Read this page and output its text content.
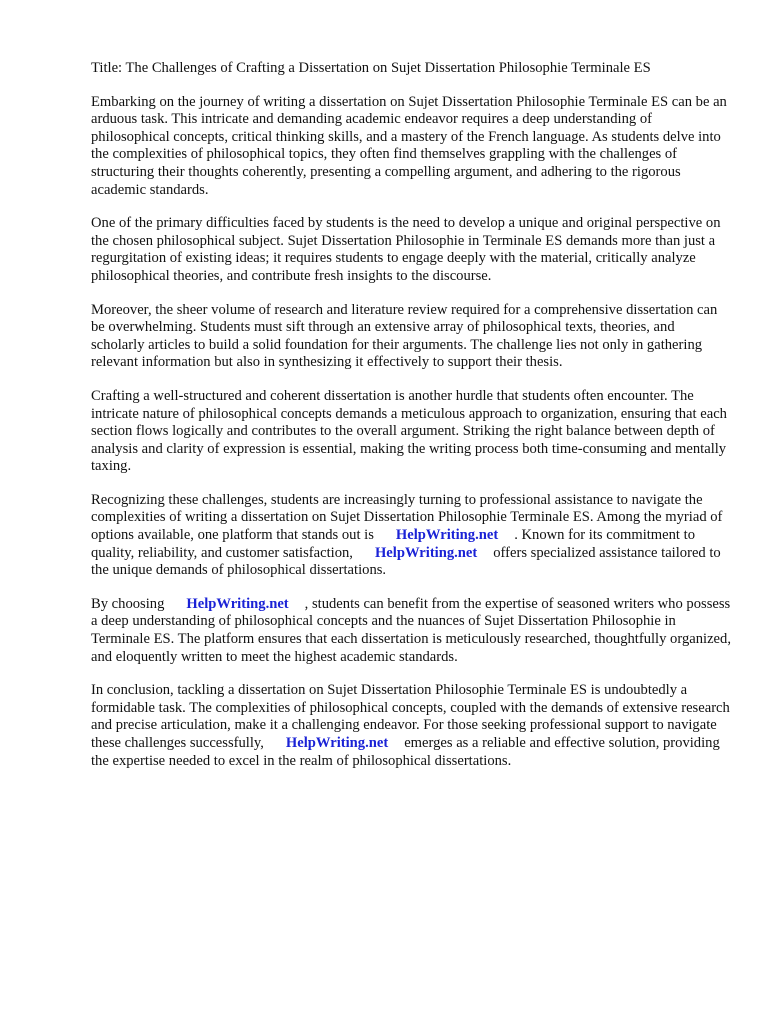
Title: The Challenges of Crafting a Dissertation on Sujet Dissertation Philosophie Terminale ES

Embarking on the journey of writing a dissertation on Sujet Dissertation Philosophie Terminale ES can be an arduous task. This intricate and demanding academic endeavor requires a deep understanding of philosophical concepts, critical thinking skills, and a mastery of the French language. As students delve into the complexities of philosophical topics, they often find themselves grappling with the challenges of structuring their thoughts coherently, presenting a compelling argument, and adhering to the rigorous academic standards.

One of the primary difficulties faced by students is the need to develop a unique and original perspective on the chosen philosophical subject. Sujet Dissertation Philosophie in Terminale ES demands more than just a regurgitation of existing ideas; it requires students to engage deeply with the material, critically analyze philosophical theories, and contribute fresh insights to the discourse.

Moreover, the sheer volume of research and literature review required for a comprehensive dissertation can be overwhelming. Students must sift through an extensive array of philosophical texts, theories, and scholarly articles to build a solid foundation for their arguments. The challenge lies not only in gathering relevant information but also in synthesizing it effectively to support their thesis.

Crafting a well-structured and coherent dissertation is another hurdle that students often encounter. The intricate nature of philosophical concepts demands a meticulous approach to organization, ensuring that each section flows logically and contributes to the overall argument. Striking the right balance between depth of analysis and clarity of expression is essential, making the writing process both time-consuming and mentally taxing.

Recognizing these challenges, students are increasingly turning to professional assistance to navigate the complexities of writing a dissertation on Sujet Dissertation Philosophie Terminale ES. Among the myriad of options available, one platform that stands out is HelpWriting.net . Known for its commitment to quality, reliability, and customer satisfaction, HelpWriting.net offers specialized assistance tailored to the unique demands of philosophical dissertations.

By choosing HelpWriting.net , students can benefit from the expertise of seasoned writers who possess a deep understanding of philosophical concepts and the nuances of Sujet Dissertation Philosophie in Terminale ES. The platform ensures that each dissertation is meticulously researched, thoughtfully organized, and eloquently written to meet the highest academic standards.

In conclusion, tackling a dissertation on Sujet Dissertation Philosophie Terminale ES is undoubtedly a formidable task. The complexities of philosophical concepts, coupled with the demands of extensive research and precise articulation, make it a challenging endeavor. For those seeking professional support to navigate these challenges successfully, HelpWriting.net emerges as a reliable and effective solution, providing the expertise needed to excel in the realm of philosophical dissertations.
